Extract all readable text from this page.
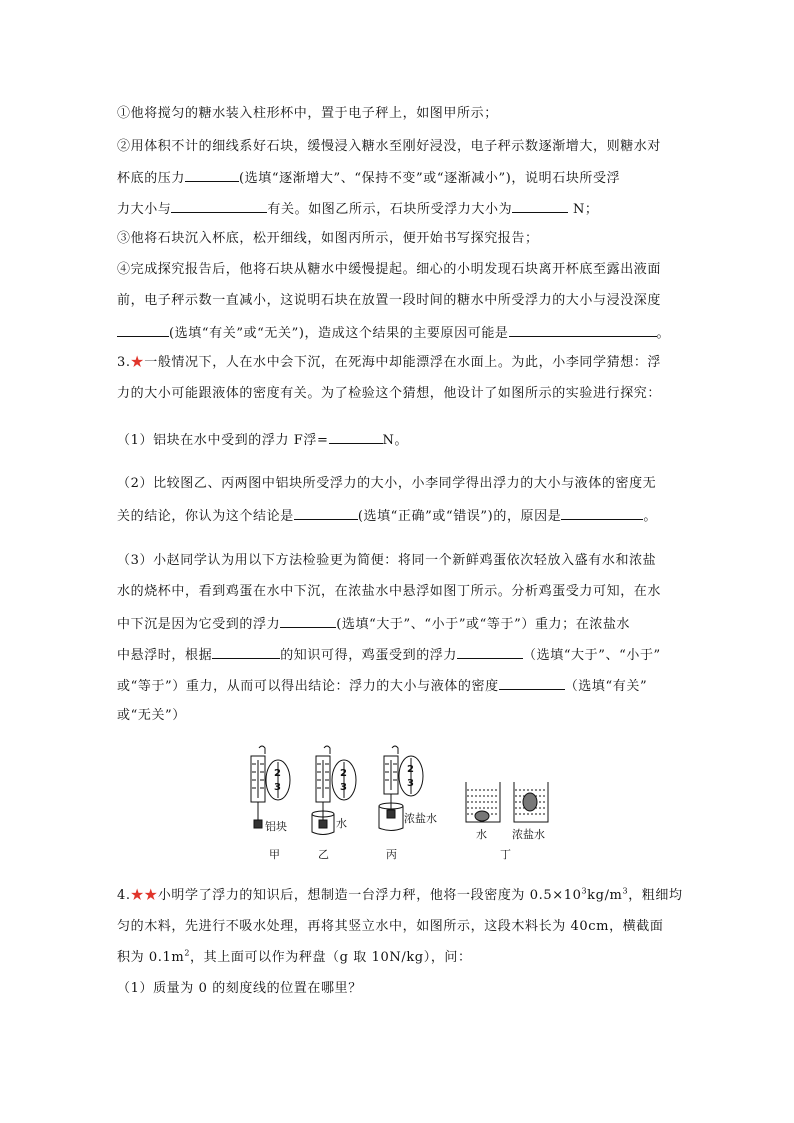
①他将搅匀的糖水装入柱形杯中，置于电子秤上，如图甲所示；
②用体积不计的细线系好石块，缓慢浸入糖水至刚好浸没，电子秤示数逐渐增大，则糖水对
杯底的压力	(选填“逐渐增大”、“保持不变”或“逐渐减小”)，说明石块所受浮
力大小与	有关。如图乙所示，石块所受浮力大小为	N；
③他将石块沉入杯底，松开细线，如图丙所示，便开始书写探究报告；
④完成探究报告后，他将石块从糖水中缓慢提起。细心的小明发现石块离开杯底至露出液面
前，电子秤示数一直减小，这说明石块在放置一段时间的糖水中所受浮力的大小与浸没深度
(选填“有关”或“无关”)，造成这个结果的主要原因可能是	。
3.★一般情况下，人在水中会下沉，在死海中却能漂浮在水面上。为此，小李同学猜想：浮
力的大小可能跟液体的密度有关。为了检验这个猜想，他设计了如图所示的实验进行探究：
（1）铝块在水中受到的浮力 F浮=	N。
（2）比较图乙、丙两图中铝块所受浮力的大小，小李同学得出浮力的大小与液体的密度无
关的结论，你认为这个结论是	(选填“正确”或“错误”)的，原因是	。
（3）小赵同学认为用以下方法检验更为简便：将同一个新鲜鸡蛋依次轻放入盛有水和浓盐
水的烧杯中，看到鸡蛋在水中下沉，在浓盐水中悬浮如图丁所示。分析鸡蛋受力可知，在水
中下沉是因为它受到的浮力	(选填“大于”、“小于”或“等于”）重力；在浓盐水
中悬浮时，根据	的知识可得，鸡蛋受到的浮力	（选填“大于”、“小于”
或“等于”）重力，从而可以得出结论：浮力的大小与液体的密度	（选填“有关”
或“无关”）
2
3
2
3
2
3
铝块	水	浓盐水
水 浓盐水
甲	乙	丙	丁
4.★★小明学了浮力的知识后，想制造一台浮力秤，他将一段密度为 $0.5\times 10^3kg/m^3$，粗细均
匀的木料，先进行不吸水处理，再将其竖立水中，如图所示，这段木料长为 40cm，横截面
积为 $0.1m^2$，其上面可以作为秤盘（g 取 10N/kg），问：
（1）质量为 0 的刻度线的位置在哪里？
